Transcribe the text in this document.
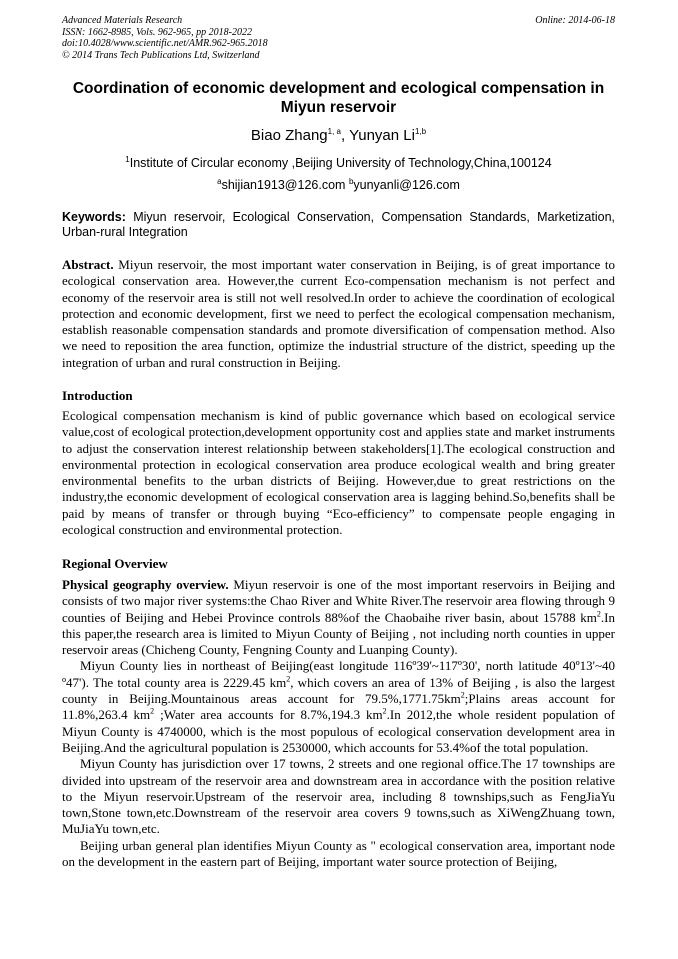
Advanced Materials Research
ISSN: 1662-8985, Vols. 962-965, pp 2018-2022
doi:10.4028/www.scientific.net/AMR.962-965.2018
© 2014 Trans Tech Publications Ltd, Switzerland
Online: 2014-06-18
Coordination of economic development and ecological compensation in Miyun reservoir
Biao Zhang$^{1, a}$, Yunyan Li$^{1,b}$
$^1$Institute of Circular economy ,Beijing University of Technology,China,100124
$^a$shijian1913@126.com $^b$yunyanli@126.com
Keywords: Miyun reservoir, Ecological Conservation, Compensation Standards, Marketization, Urban-rural Integration
Abstract. Miyun reservoir, the most important water conservation in Beijing, is of great importance to ecological conservation area. However,the current Eco-compensation mechanism is not perfect and economy of the reservoir area is still not well resolved.In order to achieve the coordination of ecological protection and economic development, first we need to perfect the ecological compensation mechanism, establish reasonable compensation standards and promote diversification of compensation method. Also we need to reposition the area function, optimize the industrial structure of the district, speeding up the integration of urban and rural construction in Beijing.
Introduction
Ecological compensation mechanism is kind of public governance which based on ecological service value,cost of ecological protection,development opportunity cost and applies state and market instruments to adjust the conservation interest relationship between stakeholders[1].The ecological construction and environmental protection in ecological conservation area produce ecological wealth and bring greater environmental benefits to the urban districts of Beijing. However,due to great restrictions on the industry,the economic development of ecological conservation area is lagging behind.So,benefits shall be paid by means of transfer or through buying “Eco-efficiency” to compensate people engaging in ecological construction and environmental protection.
Regional Overview

Physical geography overview. Miyun reservoir is one of the most important reservoirs in Beijing and consists of two major river systems:the Chao River and White River.The reservoir area flowing through 9 counties of Beijing and Hebei Province controls 88%of the Chaobaihe river basin, about 15788 $km^2.In$ this paper,the research area is limited to Miyun County of Beijing , not including north counties in upper reservoir areas (Chicheng County, Fengning County and Luanping County).

Miyun County lies in northeast of Beijing(east longitude 116º39'~117º30', north latitude 40º13'~40 º47'). The total county area is 2229.45 $km^2$, which covers an area of 13% of Beijing , is also the largest county in Beijing.Mountainous areas account for $79.5\%,1771.75km^2;Plains$ areas account for 11.8%,263.4 $km^2$ ;Water area accounts for 8.7%,194.3 $km^2.In$ 2012,the whole resident population of Miyun County is 4740000, which is the most populous of ecological conservation development area in Beijing.And the agricultural population is 2530000, which accounts for 53.4%of the total population.

Miyun County has jurisdiction over 17 towns, 2 streets and one regional office.The 17 townships are divided into upstream of the reservoir area and downstream area in accordance with the position relative to the Miyun reservoir.Upstream of the reservoir area, including 8 townships,such as FengJiaYu town,Stone town,etc.Downstream of the reservoir area covers 9 towns,such as XiWengZhuang town, MuJiaYu town,etc.

Beijing urban general plan identifies Miyun County as " ecological conservation area, important node on the development in the eastern part of Beijing, important water source protection of Beijing,
